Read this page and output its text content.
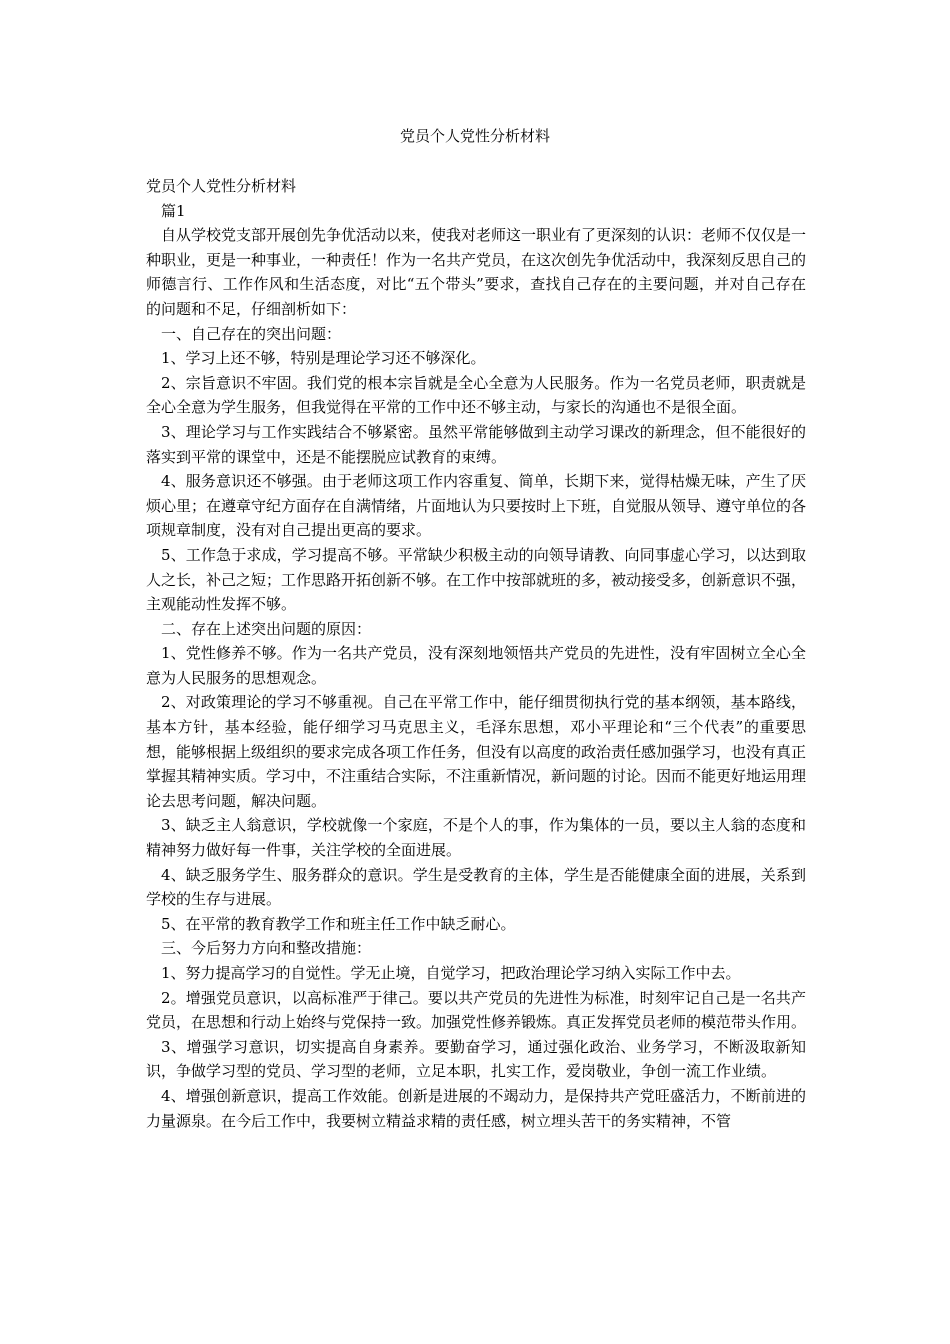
党员个人党性分析材料

党员个人党性分析材料

篇1

自从学校党支部开展创先争优活动以来，使我对老师这一职业有了更深刻的认识：老师不仅仅是一种职业，更是一种事业，一种责任！作为一名共产党员，在这次创先争优活动中，我深刻反思自己的师德言行、工作作风和生活态度，对比“五个带头”要求，查找自己存在的主要问题，并对自己存在的问题和不足，仔细剖析如下：

一、自己存在的突出问题：

1、学习上还不够，特别是理论学习还不够深化。

2、宗旨意识不牢固。我们党的根本宗旨就是全心全意为人民服务。作为一名党员老师，职责就是全心全意为学生服务，但我觉得在平常的工作中还不够主动，与家长的沟通也不是很全面。

3、理论学习与工作实践结合不够紧密。虽然平常能够做到主动学习课改的新理念，但不能很好的落实到平常的课堂中，还是不能摆脱应试教育的束缚。

4、服务意识还不够强。由于老师这项工作内容重复、简单，长期下来，觉得枯燥无味，产生了厌烦心里；在遵章守纪方面存在自满情绪，片面地认为只要按时上下班，自觉服从领导、遵守单位的各项规章制度，没有对自己提出更高的要求。

5、工作急于求成，学习提高不够。平常缺少积极主动的向领导请教、向同事虚心学习，以达到取人之长，补己之短；工作思路开拓创新不够。在工作中按部就班的多，被动接受多，创新意识不强，主观能动性发挥不够。

二、存在上述突出问题的原因：

1、党性修养不够。作为一名共产党员，没有深刻地领悟共产党员的先进性，没有牢固树立全心全意为人民服务的思想观念。

2、对政策理论的学习不够重视。自己在平常工作中，能仔细贯彻执行党的基本纲领，基本路线，基本方针，基本经验，能仔细学习马克思主义，毛泽东思想，邓小平理论和“三个代表”的重要思想，能够根据上级组织的要求完成各项工作任务，但没有以高度的政治责任感加强学习，也没有真正掌握其精神实质。学习中，不注重结合实际，不注重新情况，新问题的讨论。因而不能更好地运用理论去思考问题，解决问题。

3、缺乏主人翁意识，学校就像一个家庭，不是个人的事，作为集体的一员，要以主人翁的态度和精神努力做好每一件事，关注学校的全面进展。

4、缺乏服务学生、服务群众的意识。学生是受教育的主体，学生是否能健康全面的进展，关系到学校的生存与进展。

5、在平常的教育教学工作和班主任工作中缺乏耐心。

三、今后努力方向和整改措施：

1、努力提高学习的自觉性。学无止境，自觉学习，把政治理论学习纳入实际工作中去。

2。增强党员意识，以高标准严于律己。要以共产党员的先进性为标准，时刻牢记自己是一名共产党员，在思想和行动上始终与党保持一致。加强党性修养锻炼。真正发挥党员老师的模范带头作用。

3、增强学习意识，切实提高自身素养。要勤奋学习，通过强化政治、业务学习，不断汲取新知识，争做学习型的党员、学习型的老师，立足本职，扎实工作，爱岗敬业，争创一流工作业绩。

4、增强创新意识，提高工作效能。创新是进展的不竭动力，是保持共产党旺盛活力，不断前进的力量源泉。在今后工作中，我要树立精益求精的责任感，树立埋头苦干的务实精神，不管
